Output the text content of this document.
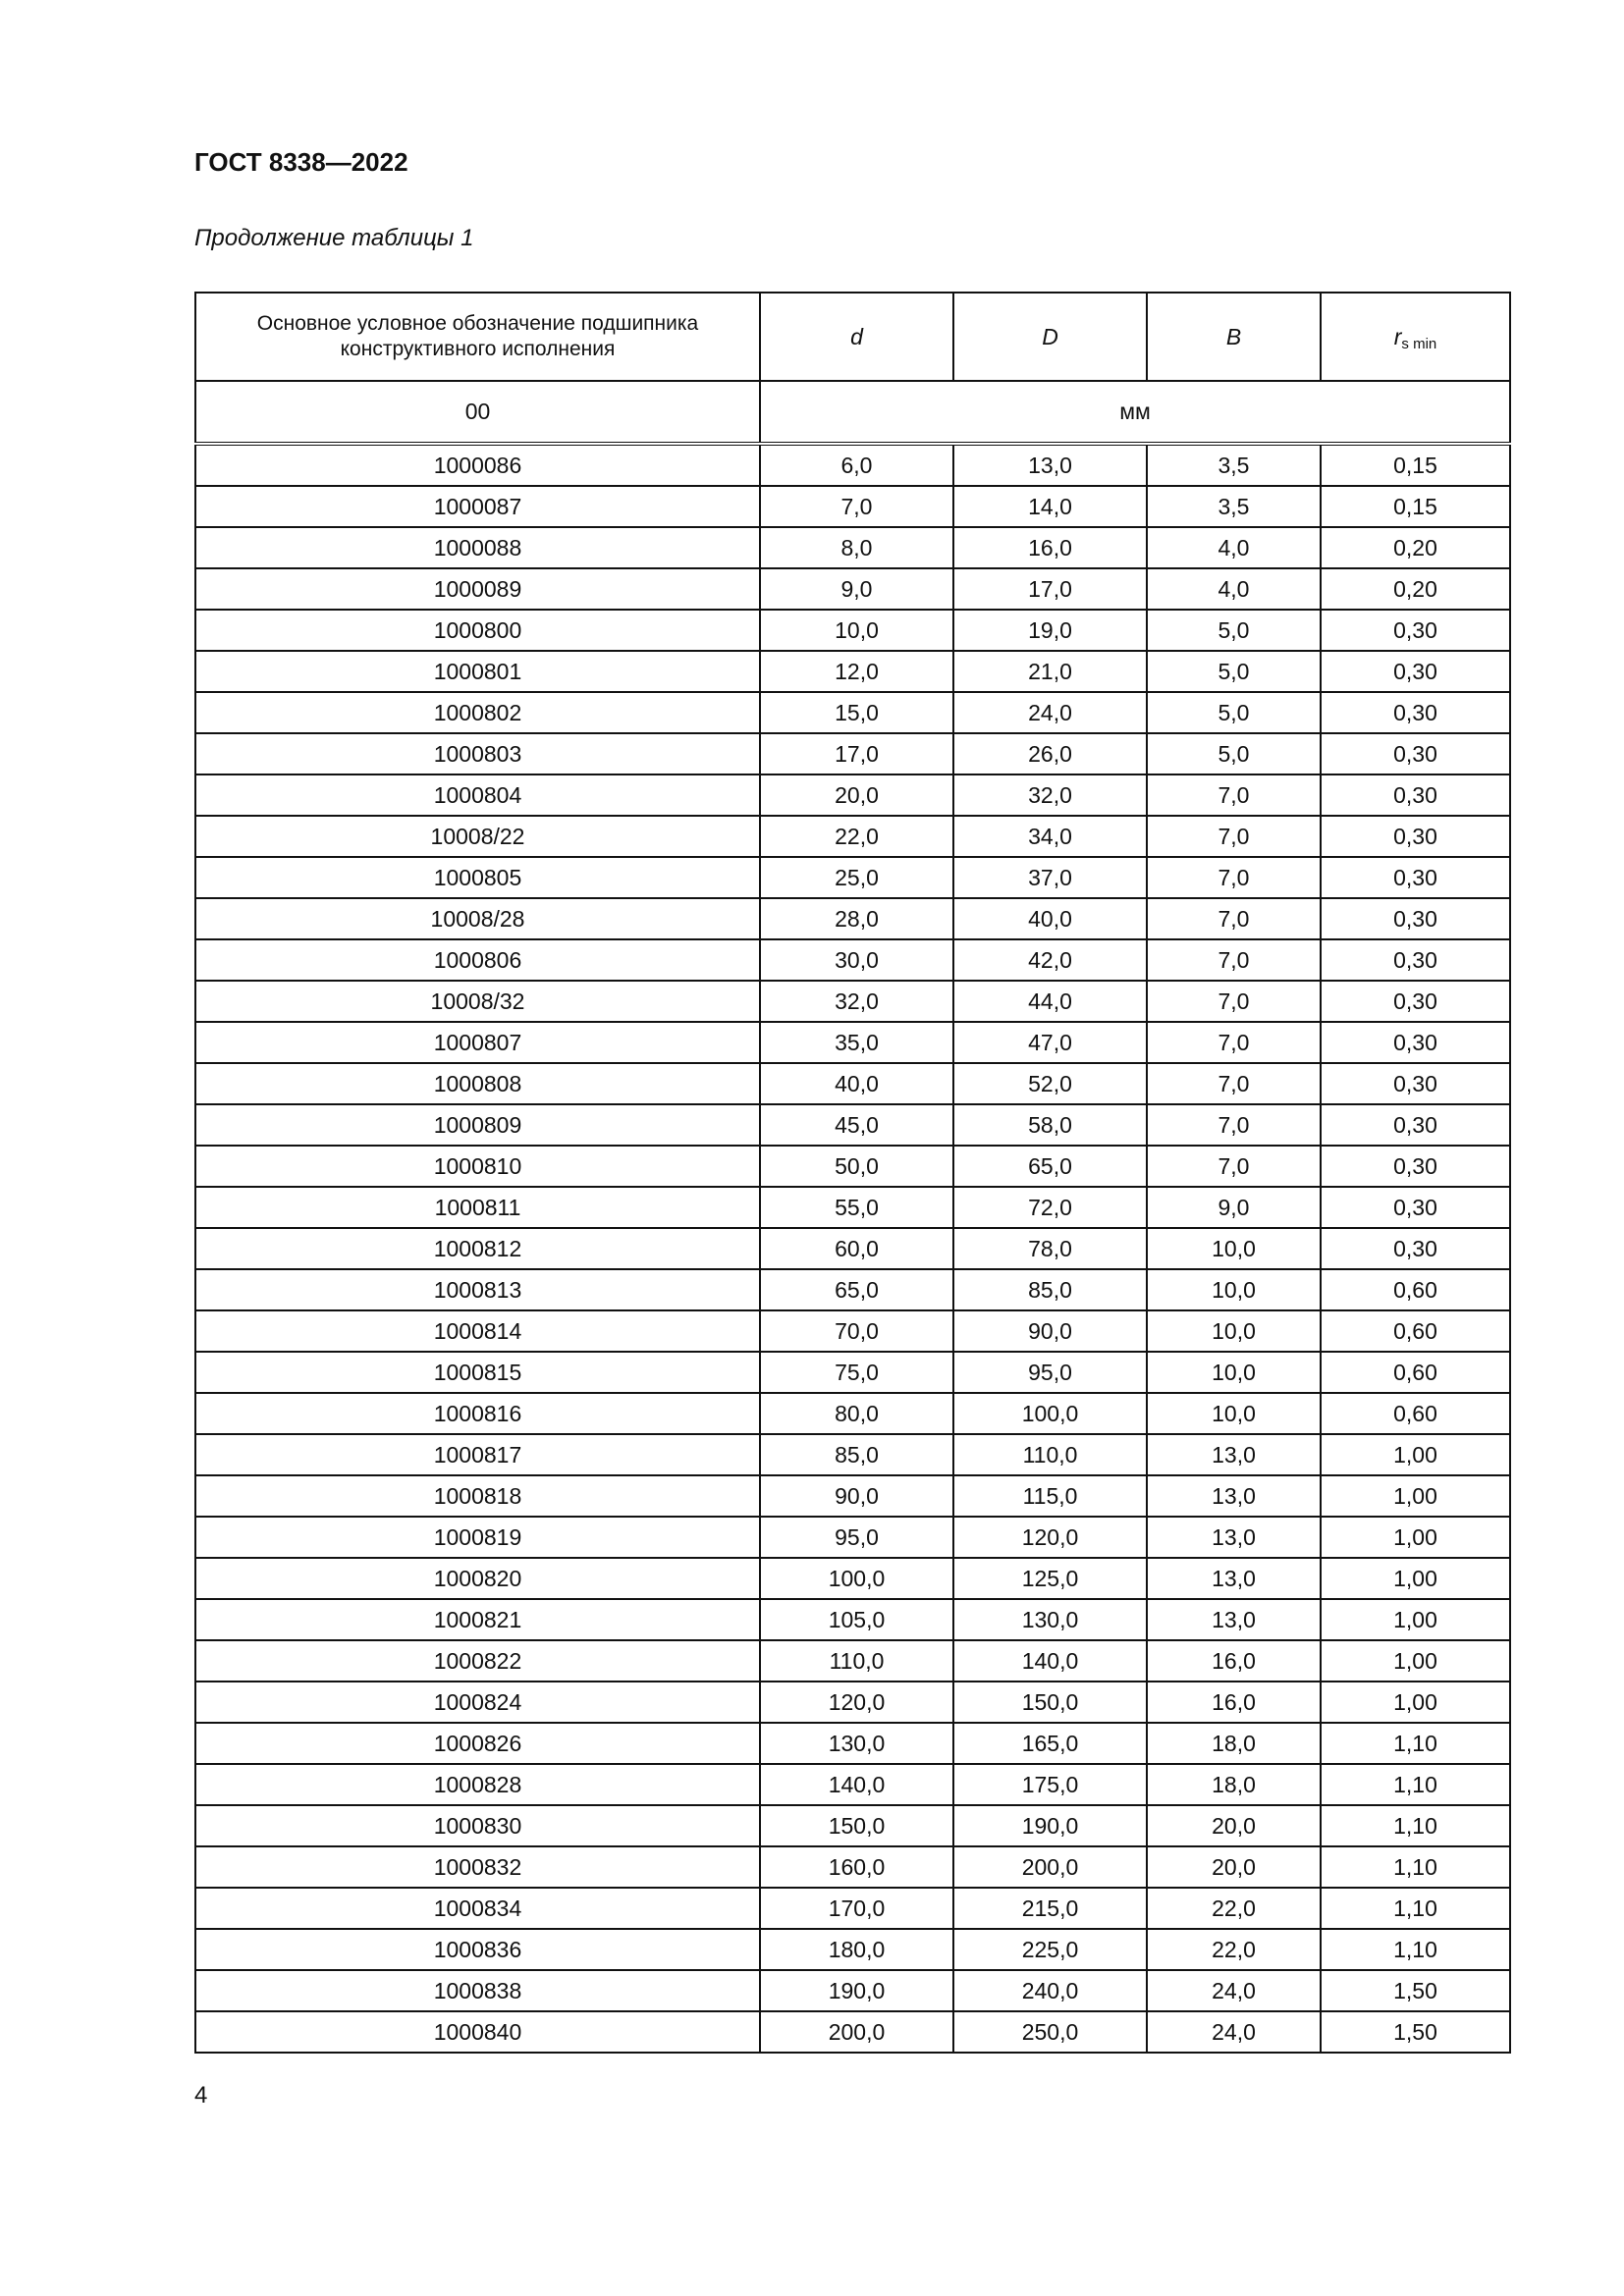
ГОСТ 8338—2022

Продолжение таблицы 1

Основное условное обозначение подшипника конструктивного исполнения	d	D	B	rs min
00	мм			
1000086	6,0	13,0	3,5	0,15
1000087	7,0	14,0	3,5	0,15
1000088	8,0	16,0	4,0	0,20
1000089	9,0	17,0	4,0	0,20
1000800	10,0	19,0	5,0	0,30
1000801	12,0	21,0	5,0	0,30
1000802	15,0	24,0	5,0	0,30
1000803	17,0	26,0	5,0	0,30
1000804	20,0	32,0	7,0	0,30
10008/22	22,0	34,0	7,0	0,30
1000805	25,0	37,0	7,0	0,30
10008/28	28,0	40,0	7,0	0,30
1000806	30,0	42,0	7,0	0,30
10008/32	32,0	44,0	7,0	0,30
1000807	35,0	47,0	7,0	0,30
1000808	40,0	52,0	7,0	0,30
1000809	45,0	58,0	7,0	0,30
1000810	50,0	65,0	7,0	0,30
1000811	55,0	72,0	9,0	0,30
1000812	60,0	78,0	10,0	0,30
1000813	65,0	85,0	10,0	0,60
1000814	70,0	90,0	10,0	0,60
1000815	75,0	95,0	10,0	0,60
1000816	80,0	100,0	10,0	0,60
1000817	85,0	110,0	13,0	1,00
1000818	90,0	115,0	13,0	1,00
1000819	95,0	120,0	13,0	1,00
1000820	100,0	125,0	13,0	1,00
1000821	105,0	130,0	13,0	1,00
1000822	110,0	140,0	16,0	1,00
1000824	120,0	150,0	16,0	1,00
1000826	130,0	165,0	18,0	1,10
1000828	140,0	175,0	18,0	1,10
1000830	150,0	190,0	20,0	1,10
1000832	160,0	200,0	20,0	1,10
1000834	170,0	215,0	22,0	1,10
1000836	180,0	225,0	22,0	1,10
1000838	190,0	240,0	24,0	1,50
1000840	200,0	250,0	24,0	1,50

4
